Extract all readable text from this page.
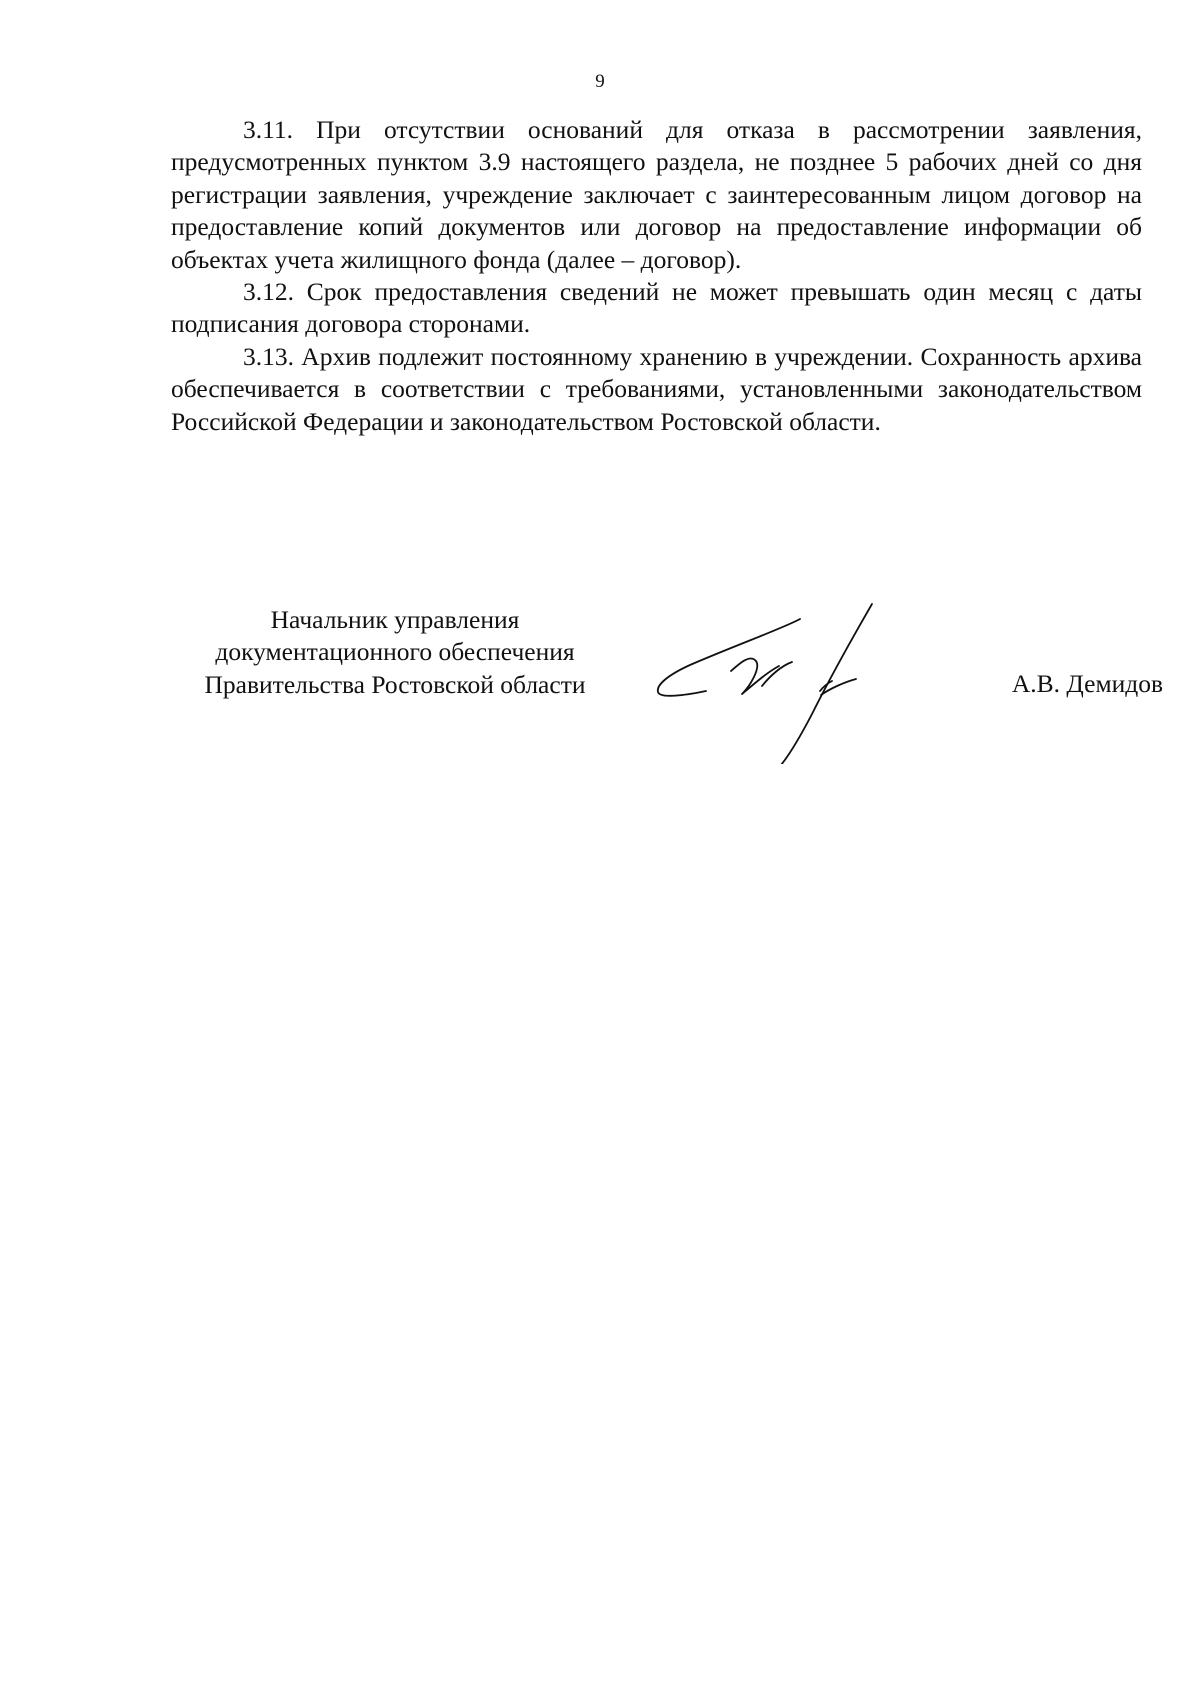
9

3.11. При отсутствии оснований для отказа в рассмотрении заявления, предусмотренных пунктом 3.9 настоящего раздела, не позднее 5 рабочих дней со дня регистрации заявления, учреждение заключает с заинтересованным лицом договор на предоставление копий документов или договор на предоставление информации об объектах учета жилищного фонда (далее – договор).

3.12. Срок предоставления сведений не может превышать один месяц с даты подписания договора сторонами.

3.13. Архив подлежит постоянному хранению в учреждении. Сохранность архива обеспечивается в соответствии с требованиями, установленными законодательством Российской Федерации и законодательством Ростовской области.

Начальник управления
документационного обеспечения
Правительства Ростовской области	А.В. Демидов
